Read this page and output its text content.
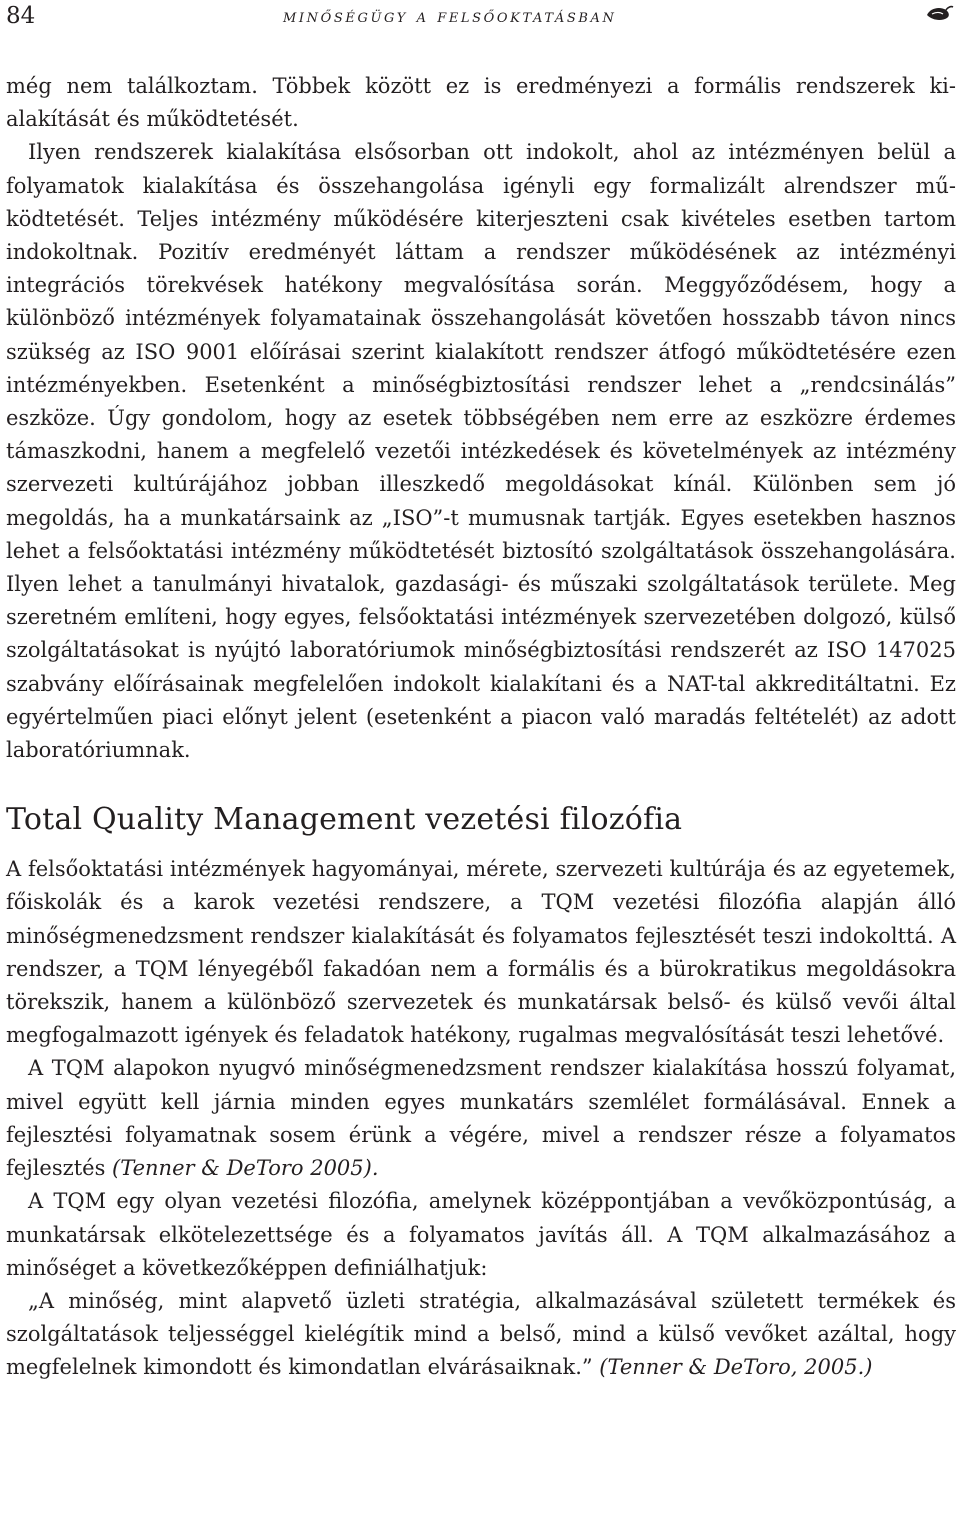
84	minőségügy a felsőoktatásban

még nem találkoztam. Többek között ez is eredményezi a formális rendszerek kialakítását és működtetését.

Ilyen rendszerek kialakítása elsősorban ott indokolt, ahol az intézményen belül a folyamatok kialakítása és összehangolása igényli egy formalizált alrendszer működtetését. Teljes intézmény működésére kiterjeszteni csak kivételes esetben tartom indokoltnak. Pozitív eredményét láttam a rendszer működésének az intézményi integrációs törekvések hatékony megvalósítása során. Meggyőződésem, hogy a különböző intézmények folyamatainak összehangolását követően hosszabb távon nincs szükség az ISO 9001 előírásai szerint kialakított rendszer átfogó működtetésére ezen intézményekben. Esetenként a minőségbiztosítási rendszer lehet a „rendcsinálás” eszköze. Úgy gondolom, hogy az esetek többségében nem erre az eszközre érdemes támaszkodni, hanem a megfelelő vezetői intézkedések és követelmények az intézmény szervezeti kultúrájához jobban illeszkedő megoldásokat kínál. Különben sem jó megoldás, ha a munkatársaink az „ISO”-t mumusnak tartják. Egyes esetekben hasznos lehet a felsőoktatási intézmény működtetését biztosító szolgáltatások összehangolására. Ilyen lehet a tanulmányi hivatalok, gazdasági- és műszaki szolgáltatások területe. Meg szeretném említeni, hogy egyes, felsőoktatási intézmények szervezetében dolgozó, külső szolgáltatásokat is nyújtó laboratóriumok minőségbiztosítási rendszerét az ISO 147025 szabvány előírásainak megfelelően indokolt kialakítani és a NAT-tal akkreditáltatni. Ez egyértelműen piaci előnyt jelent (esetenként a piacon való maradás feltételét) az adott laboratóriumnak.

Total Quality Management vezetési filozófia

A felsőoktatási intézmények hagyományai, mérete, szervezeti kultúrája és az egyetemek, főiskolák és a karok vezetési rendszere, a TQM vezetési filozófia alapján álló minőségmenedzsment rendszer kialakítását és folyamatos fejlesztését teszi indokolttá. A rendszer, a TQM lényegéből fakadóan nem a formális és a bürokratikus megoldásokra törekszik, hanem a különböző szervezetek és munkatársak belső- és külső vevői által megfogalmazott igények és feladatok hatékony, rugalmas megvalósítását teszi lehetővé.

A TQM alapokon nyugvó minőségmenedzsment rendszer kialakítása hosszú folyamat, mivel együtt kell járnia minden egyes munkatárs szemlélet formálásával. Ennek a fejlesztési folyamatnak sosem érünk a végére, mivel a rendszer része a folyamatos fejlesztés (Tenner & DeToro 2005).

A TQM egy olyan vezetési filozófia, amelynek középpontjában a vevőközpontúság, a munkatársak elkötelezettsége és a folyamatos javítás áll. A TQM alkalmazásához a minőséget a következőképpen definiálhatjuk:

„A minőség, mint alapvető üzleti stratégia, alkalmazásával született termékek és szolgáltatások teljességgel kielégítik mind a belső, mind a külső vevőket azáltal, hogy megfelelnek kimondott és kimondatlan elvárásaiknak.” (Tenner & DeToro, 2005.)
